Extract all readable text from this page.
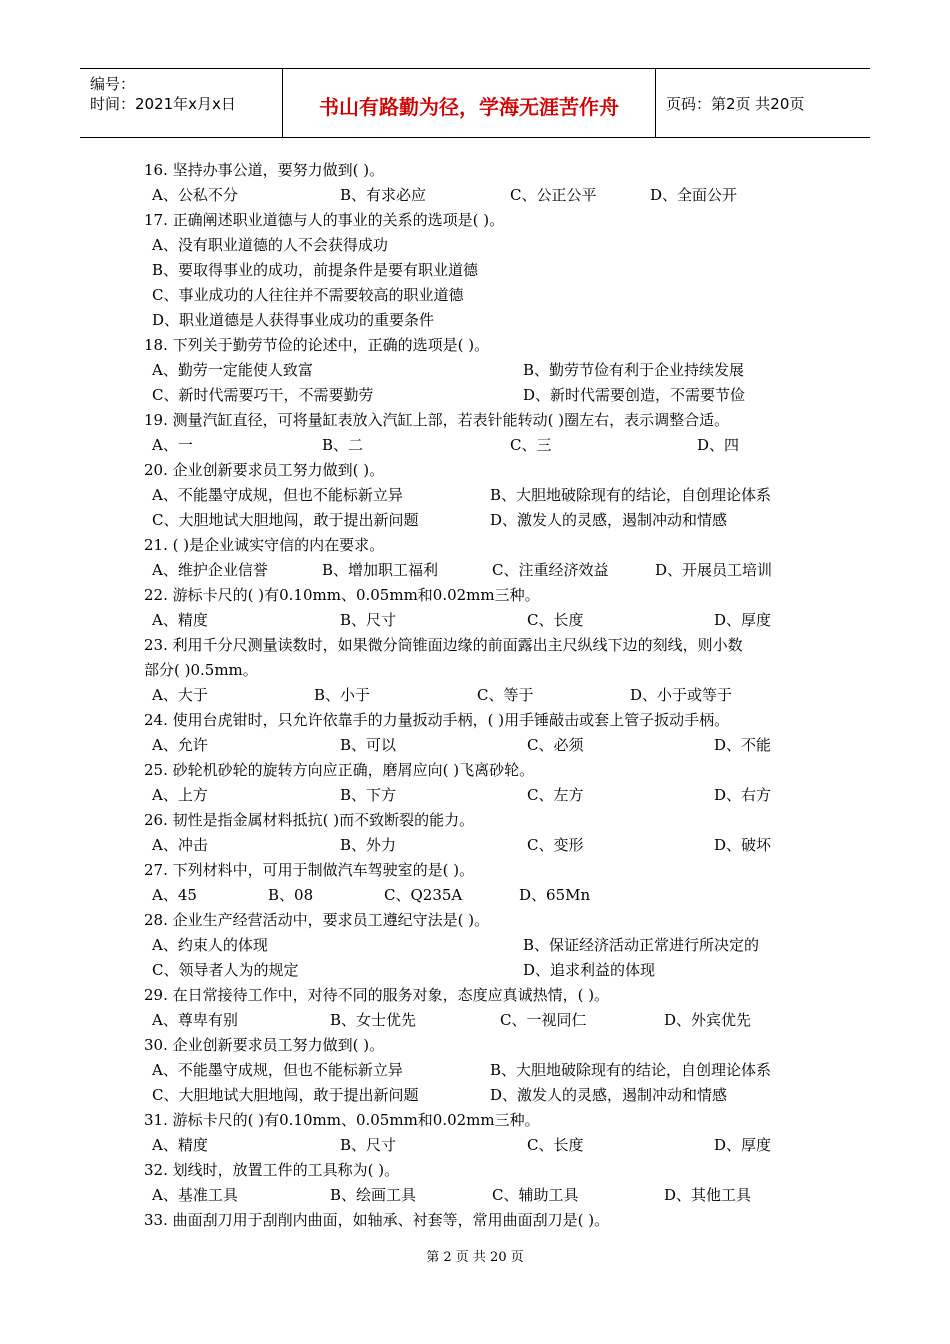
编号：
时间：2021年x月x日	书山有路勤为径，学海无涯苦作舟	页码：第2页 共20页
16. 坚持办事公道，要努力做到( )。
A、公私不分	B、有求必应	C、公正公平	D、全面公开
17. 正确阐述职业道德与人的事业的关系的选项是( )。
A、没有职业道德的人不会获得成功
B、要取得事业的成功，前提条件是要有职业道德
C、事业成功的人往往并不需要较高的职业道德
D、职业道德是人获得事业成功的重要条件
18. 下列关于勤劳节俭的论述中，正确的选项是( )。
A、勤劳一定能使人致富	B、勤劳节俭有利于企业持续发展
C、新时代需要巧干，不需要勤劳	D、新时代需要创造，不需要节俭
19. 测量汽缸直径，可将量缸表放入汽缸上部，若表针能转动( )圈左右，表示调整合适。
A、一	B、二	C、三	D、四
20. 企业创新要求员工努力做到( )。
A、不能墨守成规，但也不能标新立异	B、大胆地破除现有的结论，自创理论体系
C、大胆地试大胆地闯，敢于提出新问题	D、激发人的灵感，遏制冲动和情感
21. ( )是企业诚实守信的内在要求。
A、维护企业信誉	B、增加职工福利	C、注重经济效益	D、开展员工培训
22. 游标卡尺的( )有0.10mm、0.05mm和0.02mm三种。
A、精度	B、尺寸	C、长度	D、厚度
23. 利用千分尺测量读数时，如果微分筒锥面边缘的前面露出主尺纵线下边的刻线，则小数
部分( )0.5mm。
A、大于	B、小于	C、等于	D、小于或等于
24. 使用台虎钳时，只允许依靠手的力量扳动手柄，( )用手锤敲击或套上管子扳动手柄。
A、允许	B、可以	C、必须	D、不能
25. 砂轮机砂轮的旋转方向应正确，磨屑应向( )飞离砂轮。
A、上方	B、下方	C、左方	D、右方
26. 韧性是指金属材料抵抗( )而不致断裂的能力。
A、冲击	B、外力	C、变形	D、破坏
27. 下列材料中，可用于制做汽车驾驶室的是( )。
A、45	B、08	C、Q235A	D、65Mn
28. 企业生产经营活动中，要求员工遵纪守法是( )。
A、约束人的体现	B、保证经济活动正常进行所决定的
C、领导者人为的规定	D、追求利益的体现
29. 在日常接待工作中，对待不同的服务对象，态度应真诚热情，( )。
A、尊卑有别	B、女士优先	C、一视同仁	D、外宾优先
30. 企业创新要求员工努力做到( )。
A、不能墨守成规，但也不能标新立异	B、大胆地破除现有的结论，自创理论体系
C、大胆地试大胆地闯，敢于提出新问题	D、激发人的灵感，遏制冲动和情感
31. 游标卡尺的( )有0.10mm、0.05mm和0.02mm三种。
A、精度	B、尺寸	C、长度	D、厚度
32. 划线时，放置工件的工具称为( )。
A、基准工具	B、绘画工具	C、辅助工具	D、其他工具
33. 曲面刮刀用于刮削内曲面，如轴承、衬套等，常用曲面刮刀是( )。
第 2 页 共 20 页
